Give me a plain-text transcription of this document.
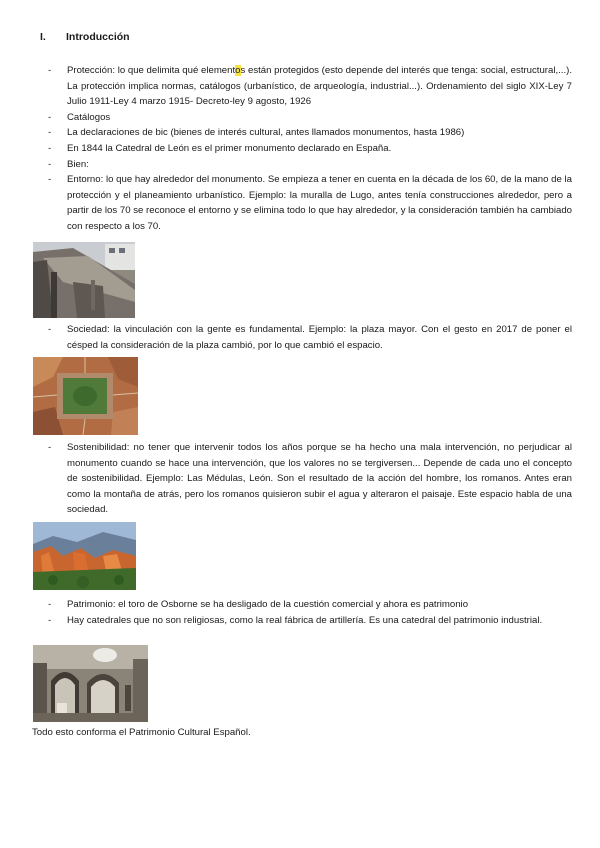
I. Introducción
- Protección: lo que delimita qué elementos están protegidos (esto depende del interés que tenga: social, estructural,...). La protección implica normas, catálogos (urbanístico, de arqueología, industrial...). Ordenamiento del siglo XIX-Ley 7 Julio 1911-Ley 4 marzo 1915- Decreto-ley 9 agosto, 1926
- Catálogos
- La declaraciones de bic (bienes de interés cultural, antes llamados monumentos, hasta 1986)
- En 1844 la Catedral de León es el primer monumento declarado en España.
- Bien:
- Entorno: lo que hay alrededor del monumento. Se empieza a tener en cuenta en la década de los 60, de la mano de la protección y el planeamiento urbanístico. Ejemplo: la muralla de Lugo, antes tenía construcciones alrededor, pero a partir de los 70 se reconoce el entorno y se elimina todo lo que hay alrededor, y la consideración también ha cambiado con respecto a los 70.
- Sociedad: la vinculación con la gente es fundamental. Ejemplo: la plaza mayor. Con el gesto en 2017 de poner el césped la consideración de la plaza cambió, por lo que cambió el espacio.
- Sostenibilidad: no tener que intervenir todos los años porque se ha hecho una mala intervención, no perjudicar al monumento cuando se hace una intervención, que los valores no se tergiversen... Depende de cada uno el concepto de sostenibilidad. Ejemplo: Las Médulas, León. Son el resultado de la acción del hombre, los romanos. Antes eran como la montaña de atrás, pero los romanos quisieron subir el agua y alteraron el paisaje. Este espacio habla de una sociedad.
- Patrimonio: el toro de Osborne se ha desligado de la cuestión comercial y ahora es patrimonio
- Hay catedrales que no son religiosas, como la real fábrica de artillería. Es una catedral del patrimonio industrial.
Todo esto conforma el Patrimonio Cultural Español.
